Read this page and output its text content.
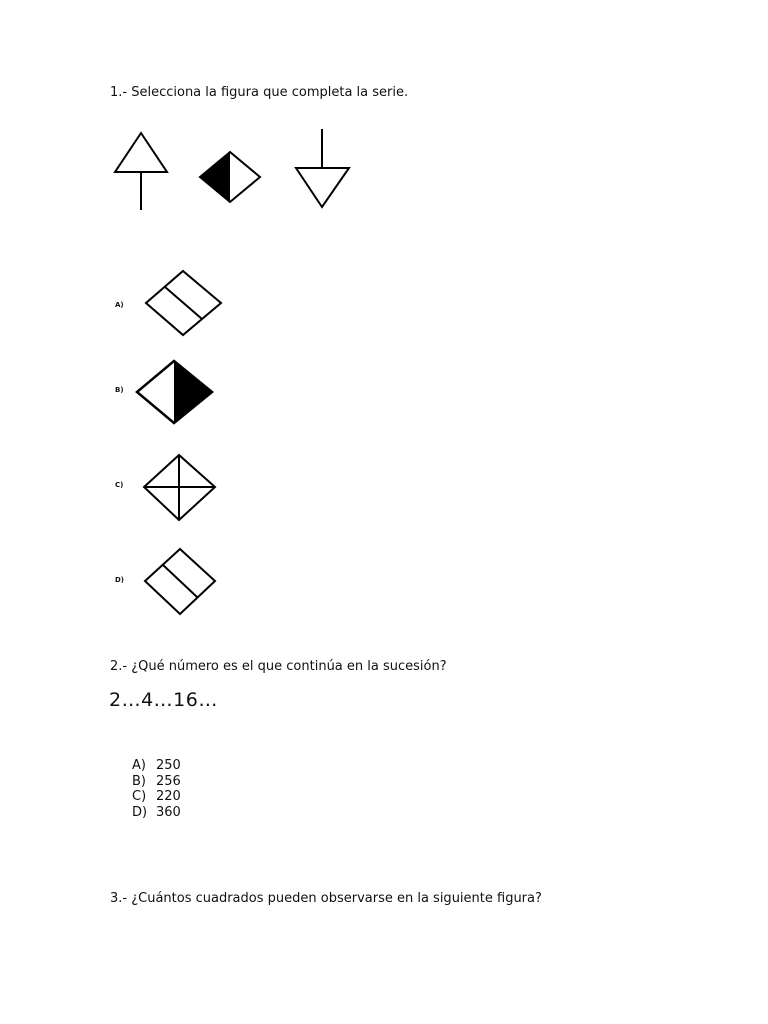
1.- Selecciona la figura que completa la serie.
A)
B)
C)
D)
2.- ¿Qué número es el que continúa en la sucesión?
2…4…16…
A) 250
B) 256
C) 220
D) 360
3.- ¿Cuántos cuadrados pueden observarse en la siguiente figura?
